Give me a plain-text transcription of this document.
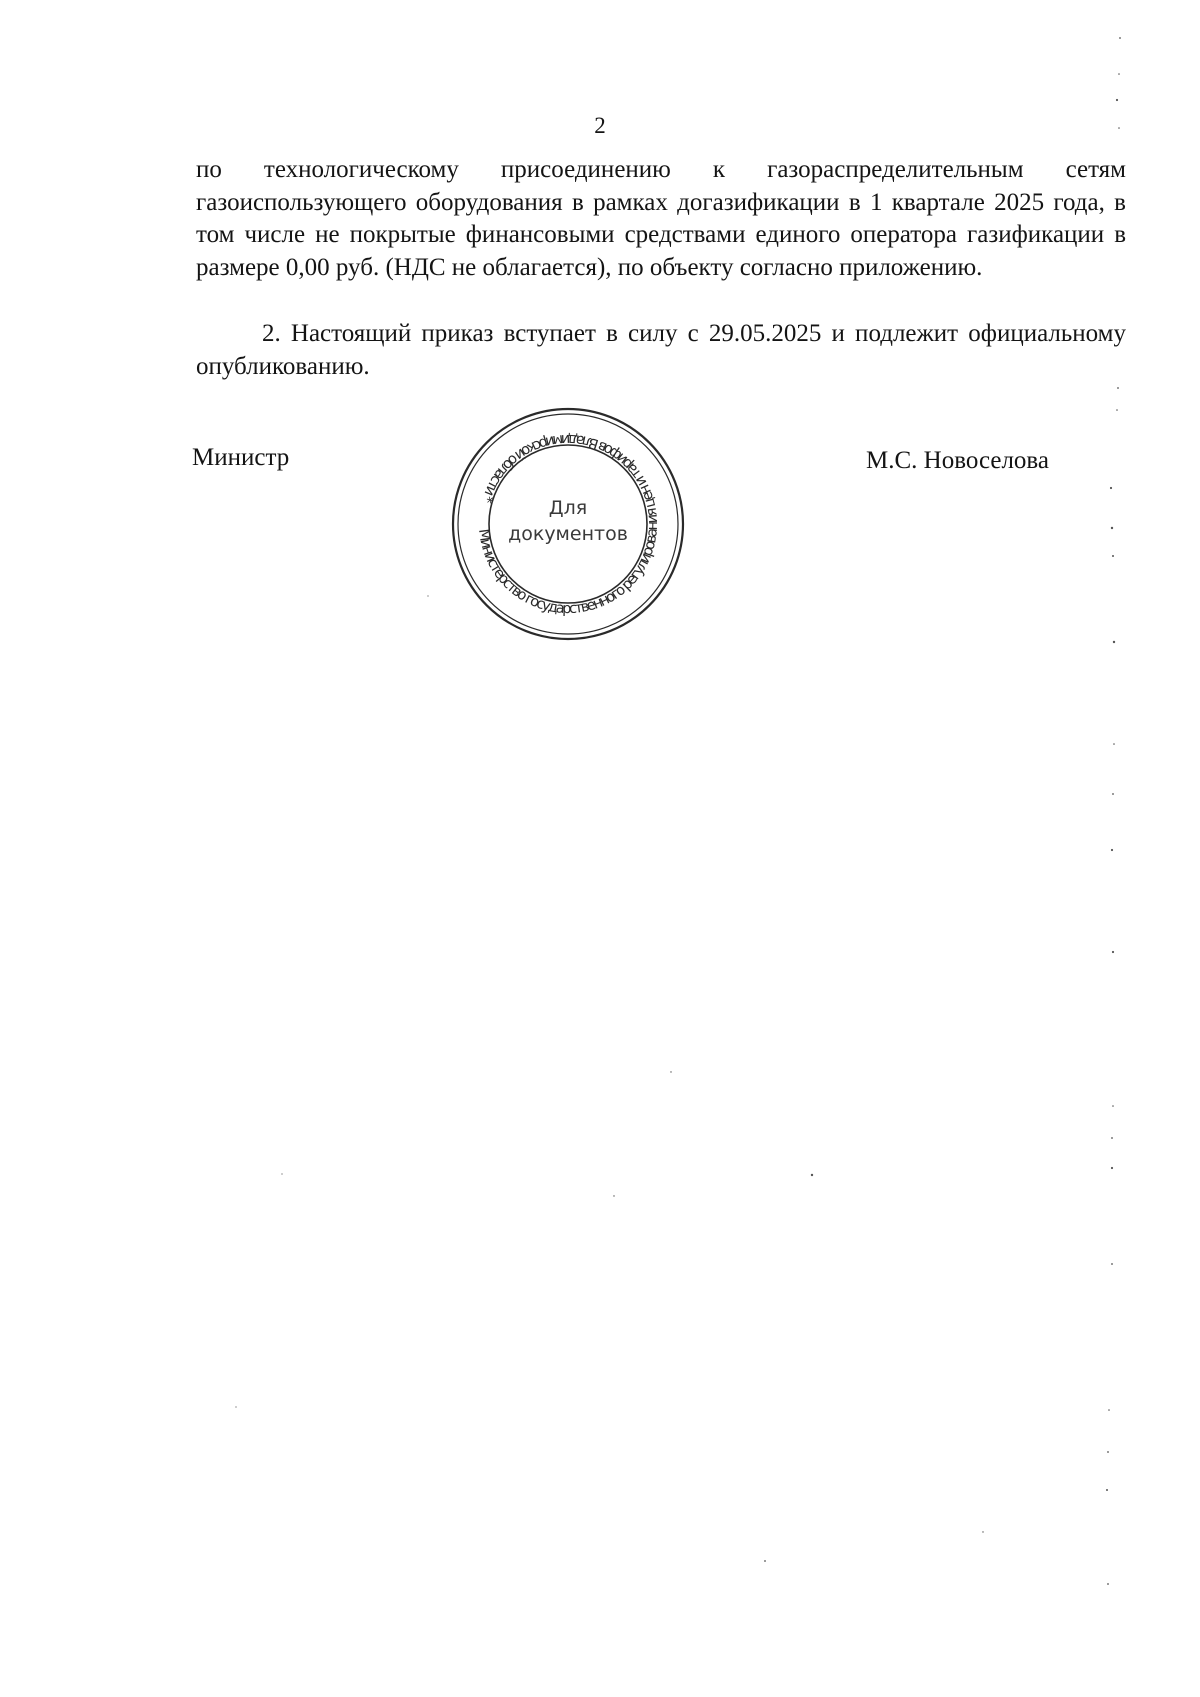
2

по технологическому присоединению к газораспределительным сетям газоиспользующего оборудования в рамках догазификации в 1 квартале 2025 года, в том числе не покрытые финансовыми средствами единого оператора газификации в размере 0,00 руб. (НДС не облагается), по объекту согласно приложению.

2. Настоящий приказ вступает в силу с 29.05.2025 и подлежит официальному опубликованию.

Министр	М.С. Новоселова
Министерство государственного регулирования цен и тарифов Владимирской области *	Для
документов
